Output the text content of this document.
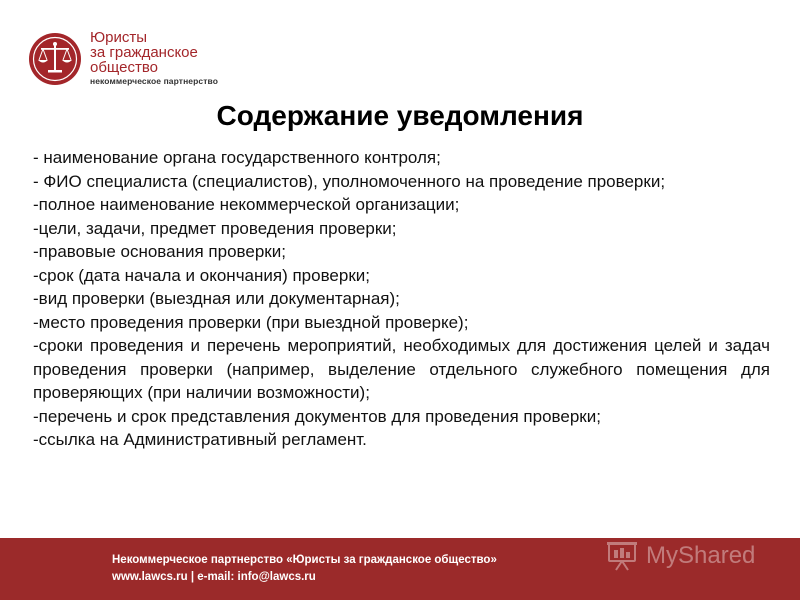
Юристы
за гражданское
общество
некоммерческое партнерство
Содержание уведомления
- наименование органа государственного контроля;
- ФИО специалиста (специалистов), уполномоченного на проведение проверки;
-полное наименование некоммерческой организации;
-цели, задачи, предмет проведения проверки;
-правовые основания проверки;
-срок (дата начала и окончания) проверки;
-вид проверки (выездная или документарная);
-место проведения проверки (при выездной проверке);
-сроки проведения и перечень мероприятий, необходимых для достижения целей и задач проведения проверки (например, выделение отдельного служебного помещения для проверяющих (при наличии возможности);
-перечень и срок представления документов для проведения проверки;
-ссылка на Административный регламент.
Некоммерческое партнерство «Юристы за гражданское общество»
www.lawcs.ru | e-mail: info@lawcs.ru
MyShared
